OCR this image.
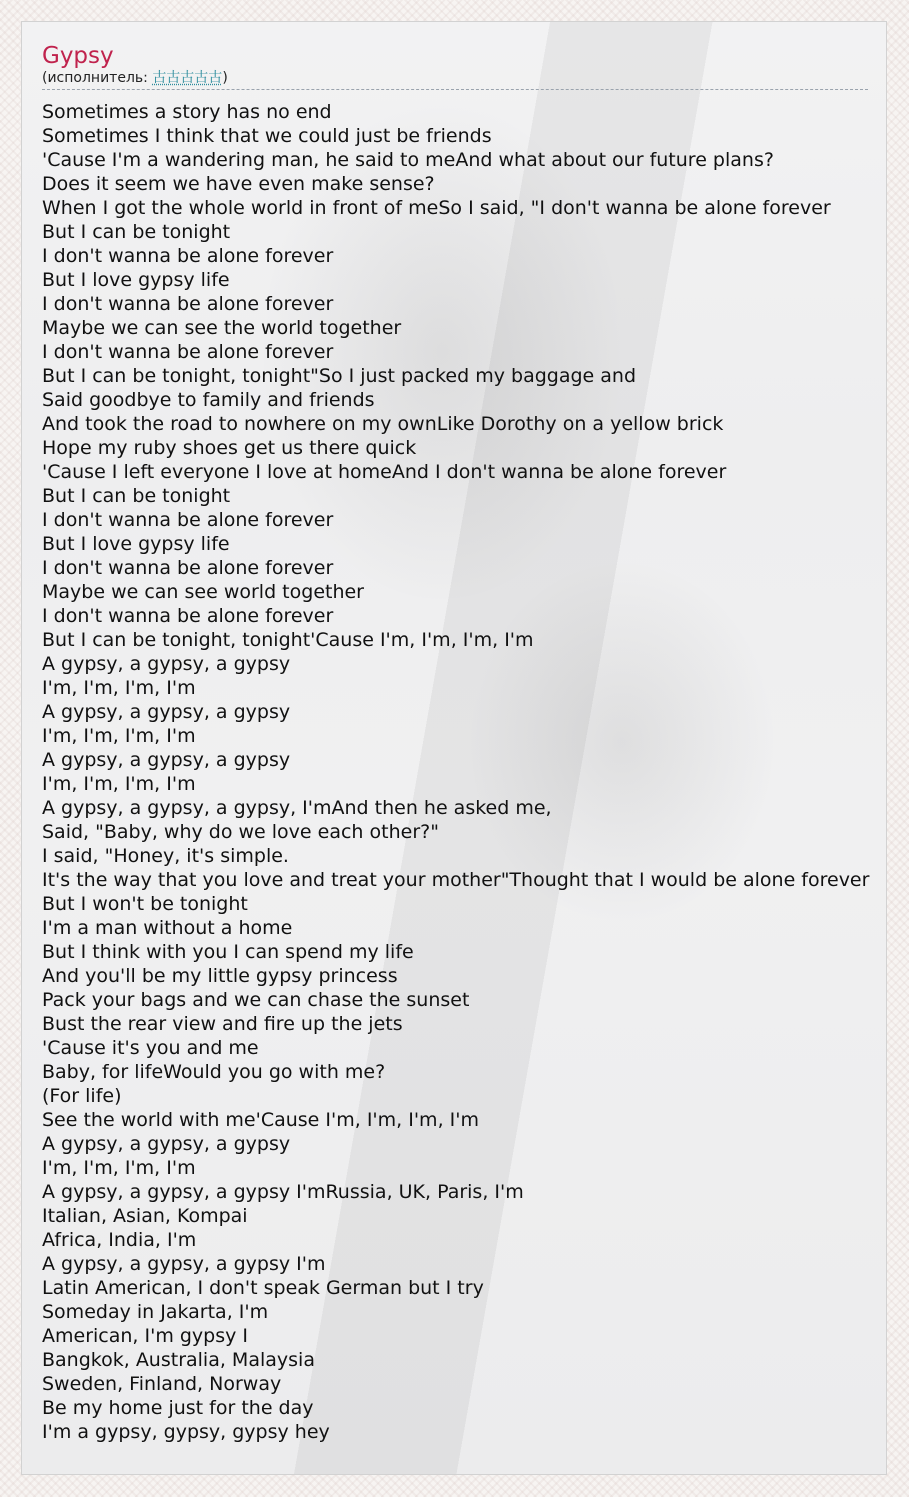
Gypsy
(исполнитель: 古古古古古)
Sometimes a story has no end
Sometimes I think that we could just be friends
'Cause I'm a wandering man, he said to meAnd what about our future plans?
Does it seem we have even make sense?
When I got the whole world in front of meSo I said, "I don't wanna be alone forever
But I can be tonight
I don't wanna be alone forever
But I love gypsy life
I don't wanna be alone forever
Maybe we can see the world together
I don't wanna be alone forever
But I can be tonight, tonight"So I just packed my baggage and
Said goodbye to family and friends
And took the road to nowhere on my ownLike Dorothy on a yellow brick
Hope my ruby shoes get us there quick
'Cause I left everyone I love at homeAnd I don't wanna be alone forever
But I can be tonight
I don't wanna be alone forever
But I love gypsy life
I don't wanna be alone forever
Maybe we can see world together
I don't wanna be alone forever
But I can be tonight, tonight'Cause I'm, I'm, I'm, I'm
A gypsy, a gypsy, a gypsy
I'm, I'm, I'm, I'm
A gypsy, a gypsy, a gypsy
I'm, I'm, I'm, I'm
A gypsy, a gypsy, a gypsy
I'm, I'm, I'm, I'm
A gypsy, a gypsy, a gypsy, I'mAnd then he asked me,
Said, "Baby, why do we love each other?"
I said, "Honey, it's simple.
It's the way that you love and treat your mother"Thought that I would be alone forever
But I won't be tonight
I'm a man without a home
But I think with you I can spend my life
And you'll be my little gypsy princess
Pack your bags and we can chase the sunset
Bust the rear view and fire up the jets
'Cause it's you and me
Baby, for lifeWould you go with me?
(For life)
See the world with me'Cause I'm, I'm, I'm, I'm
A gypsy, a gypsy, a gypsy
I'm, I'm, I'm, I'm
A gypsy, a gypsy, a gypsy I'mRussia, UK, Paris, I'm
Italian, Asian, Kompai
Africa, India, I'm
A gypsy, a gypsy, a gypsy I'm
Latin American, I don't speak German but I try
Someday in Jakarta, I'm
American, I'm gypsy I
Bangkok, Australia, Malaysia
Sweden, Finland, Norway
Be my home just for the day
I'm a gypsy, gypsy, gypsy hey
